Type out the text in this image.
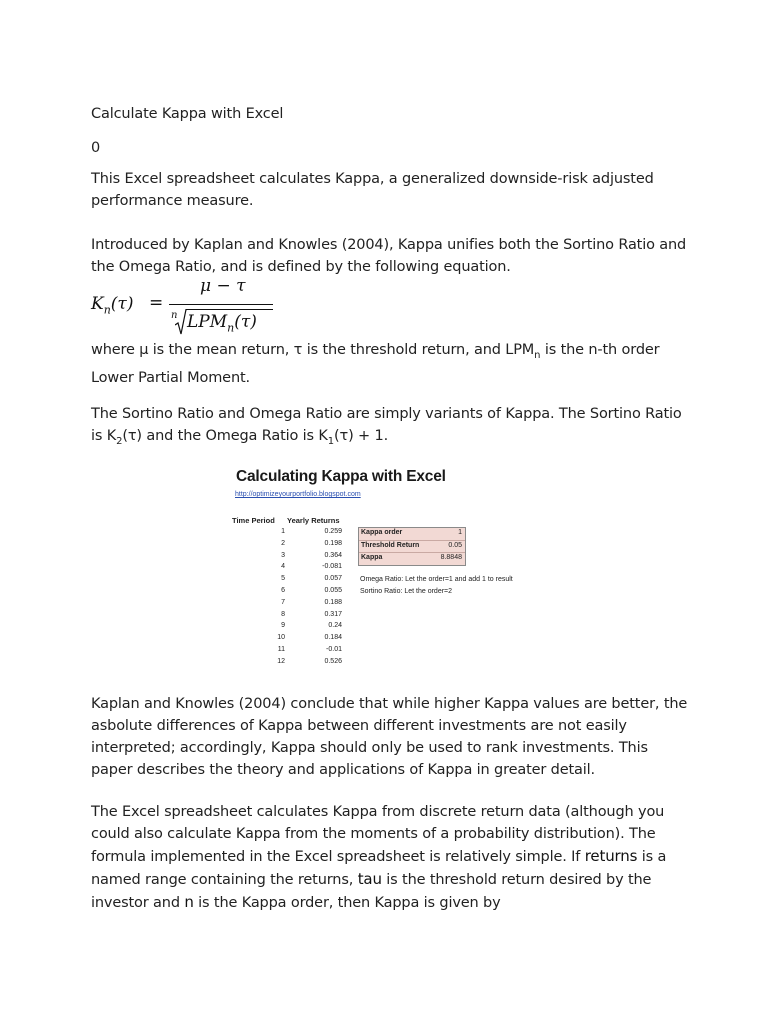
Calculate Kappa with Excel

0

This Excel spreadsheet calculates Kappa, a generalized downside-risk adjusted

performance measure.

Introduced by Kaplan and Knowles (2004), Kappa unifies both the Sortino Ratio and

the Omega Ratio, and is defined by the following equation.

$K_n(\tau)$ =
μ − τ
n $LPM_n(\tau)$

where μ is the mean return, τ is the threshold return, and $LPM_n$ is the n-th order

Lower Partial Moment.

The Sortino Ratio and Omega Ratio are simply variants of Kappa. The Sortino Ratio

is $K_2(\tau)$ and the Omega Ratio is $K_1(\tau) + 1$.

Kaplan and Knowles (2004) conclude that while higher Kappa values are better, the

asbolute differences of Kappa between different investments are not easily

interpreted; accordingly, Kappa should only be used to rank investments. This

paper describes the theory and applications of Kappa in greater detail.

The Excel spreadsheet calculates Kappa from discrete return data (although you

could also calculate Kappa from the moments of a probability distribution). The

formula implemented in the Excel spreadsheet is relatively simple. If returns is a

named range containing the returns, tau is the threshold return desired by the

investor and n is the Kappa order, then Kappa is given by

Calculating Kappa with Excel
http://optimizeyourportfolio.blogspot.com
Time Period Yearly Returns
1	0.259
2	0.198
3	0.364
4	-0.081
5	0.057
6	0.055
7	0.188
8	0.317
9	0.24
10	0.184
11	-0.01
12	0.526
Kappa order	1
Threshold Return	0.05
Kappa	8.8848
Omega Ratio: Let the order=1 and add 1 to result
Sortino Ratio: Let the order=2
